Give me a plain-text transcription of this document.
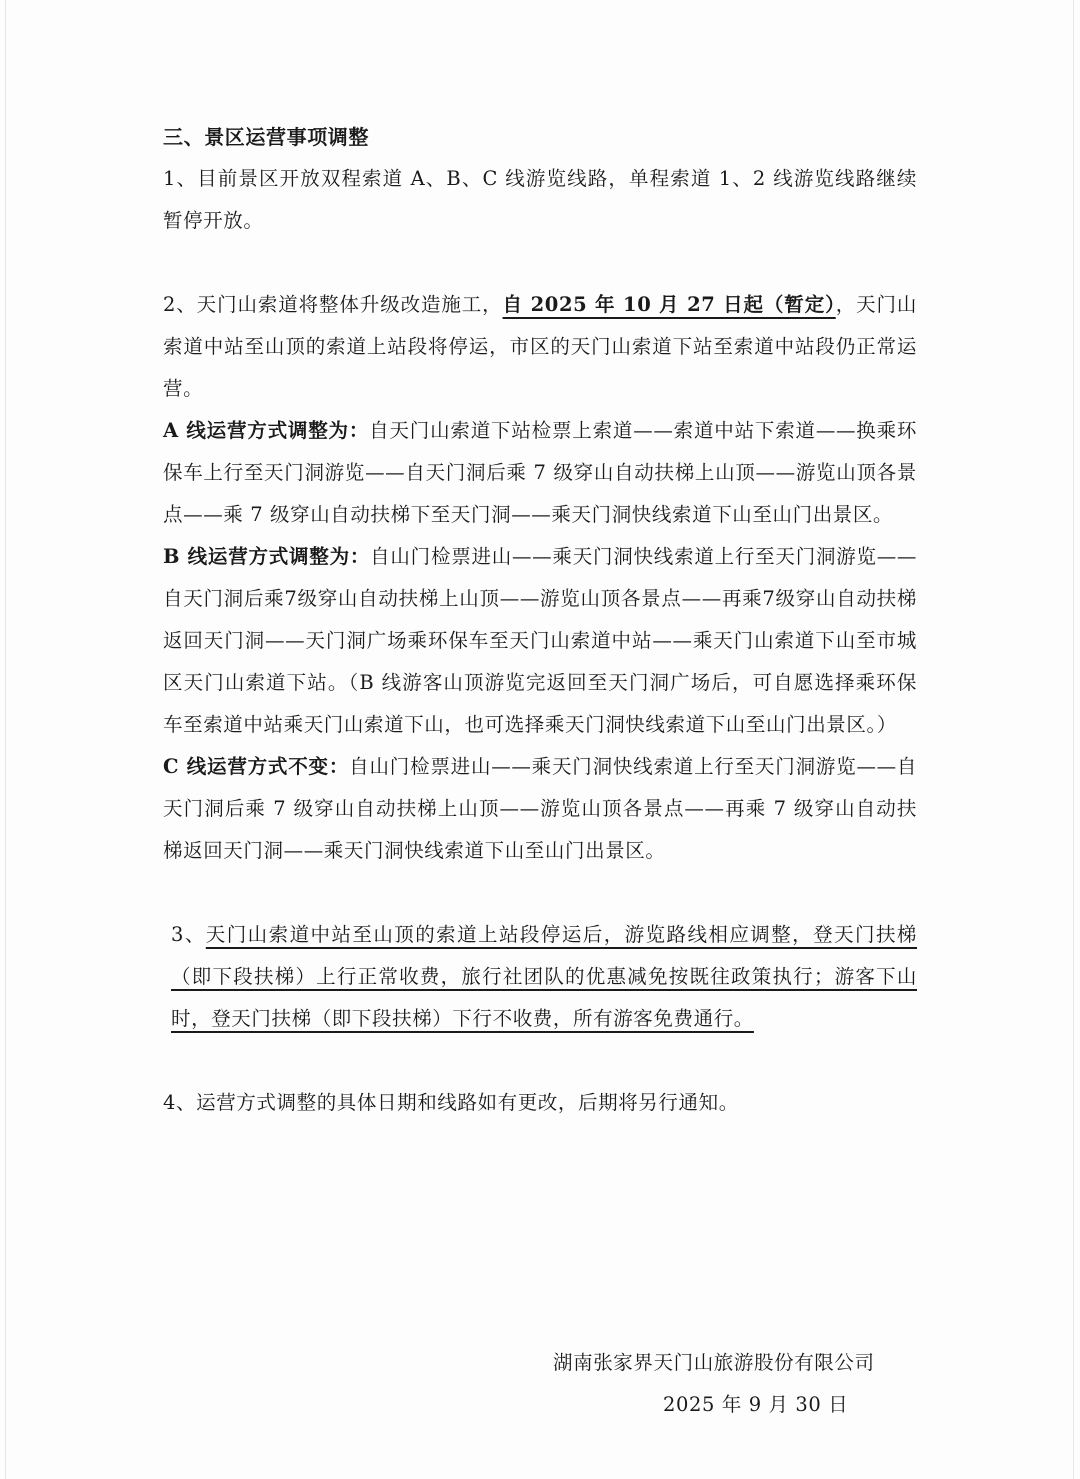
三、景区运营事项调整

1、目前景区开放双程索道 A、B、C 线游览线路，单程索道 1、2 线游览线路继续暂停开放。

2、天门山索道将整体升级改造施工，自 2025 年 10 月 27 日起（暂定），天门山索道中站至山顶的索道上站段将停运，市区的天门山索道下站至索道中站段仍正常运营。

A 线运营方式调整为：自天门山索道下站检票上索道——索道中站下索道——换乘环保车上行至天门洞游览——自天门洞后乘 7 级穿山自动扶梯上山顶——游览山顶各景点——乘 7 级穿山自动扶梯下至天门洞——乘天门洞快线索道下山至山门出景区。

B 线运营方式调整为：自山门检票进山——乘天门洞快线索道上行至天门洞游览——自天门洞后乘7级穿山自动扶梯上山顶——游览山顶各景点——再乘7级穿山自动扶梯返回天门洞——天门洞广场乘环保车至天门山索道中站——乘天门山索道下山至市城区天门山索道下站。（B 线游客山顶游览完返回至天门洞广场后，可自愿选择乘环保车至索道中站乘天门山索道下山，也可选择乘天门洞快线索道下山至山门出景区。）

C 线运营方式不变：自山门检票进山——乘天门洞快线索道上行至天门洞游览——自天门洞后乘 7 级穿山自动扶梯上山顶——游览山顶各景点——再乘 7 级穿山自动扶梯返回天门洞——乘天门洞快线索道下山至山门出景区。

3、天门山索道中站至山顶的索道上站段停运后，游览路线相应调整，登天门扶梯（即下段扶梯）上行正常收费，旅行社团队的优惠减免按既往政策执行；游客下山时，登天门扶梯（即下段扶梯）下行不收费，所有游客免费通行。

4、运营方式调整的具体日期和线路如有更改，后期将另行通知。

湖南张家界天门山旅游股份有限公司
2025 年 9 月 30 日
